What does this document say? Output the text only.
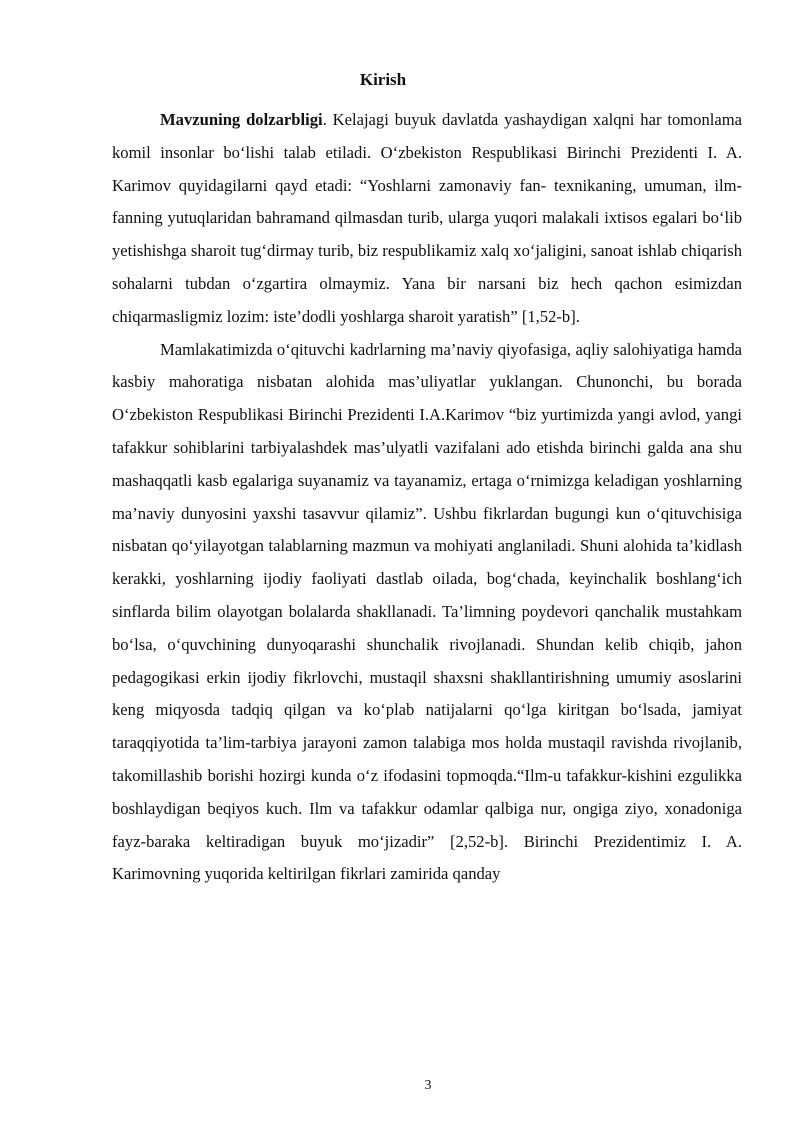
Kirish

Mavzuning dolzarbligi. Kelajagi buyuk davlatda yashaydigan xalqni har tomonlama komil insonlar boʻlishi talab etiladi. Oʻzbekiston Respublikasi Birinchi Prezidenti I. A. Karimov quyidagilarni qayd etadi: “Yoshlarni zamonaviy fan- texnikaning, umuman, ilm-fanning yutuqlaridan bahramand qilmasdan turib, ularga yuqori malakali ixtisos egalari boʻlib yetishishga sharoit tugʻdirmay turib, biz respublikamiz xalq xoʻjaligini, sanoat ishlab chiqarish sohalarni tubdan oʻzgartira olmaymiz. Yana bir narsani biz hech qachon esimizdan chiqarmasligmiz lozim: iste’dodli yoshlarga sharoit yaratish” [1,52-b].

Mamlakatimizda oʻqituvchi kadrlarning ma’naviy qiyofasiga, aqliy salohiyatiga hamda kasbiy mahoratiga nisbatan alohida mas’uliyatlar yuklangan. Chunonchi, bu borada Oʻzbekiston Respublikasi Birinchi Prezidenti I.A.Karimov “biz yurtimizda yangi avlod, yangi tafakkur sohiblarini tarbiyalashdek mas’ulyatli vazifalani ado etishda birinchi galda ana shu mashaqqatli kasb egalariga suyanamiz va tayanamiz, ertaga oʻrnimizga keladigan yoshlarning ma’naviy dunyosini yaxshi tasavvur qilamiz”. Ushbu fikrlardan bugungi kun oʻqituvchisiga nisbatan qoʻyilayotgan talablarning mazmun va mohiyati anglaniladi. Shuni alohida ta’kidlash kerakki, yoshlarning ijodiy faoliyati dastlab oilada, bogʻchada, keyinchalik boshlangʻich sinflarda bilim olayotgan bolalarda shakllanadi. Ta’limning poydevori qanchalik mustahkam boʻlsa, oʻquvchining dunyoqarashi shunchalik rivojlanadi. Shundan kelib chiqib, jahon pedagogikasi erkin ijodiy fikrlovchi, mustaqil shaxsni shakllantirishning umumiy asoslarini keng miqyosda tadqiq qilgan va koʻplab natijalarni qoʻlga kiritgan boʻlsada, jamiyat taraqqiyotida ta’lim-tarbiya jarayoni zamon talabiga mos holda mustaqil ravishda rivojlanib, takomillashib borishi hozirgi kunda oʻz ifodasini topmoqda.“Ilm-u tafakkur-kishini ezgulikka boshlaydigan beqiyos kuch. Ilm va tafakkur odamlar qalbiga nur, ongiga ziyo, xonadoniga fayz-baraka keltiradigan buyuk moʻjizadir” [2,52-b]. Birinchi Prezidentimiz I. A. Karimovning yuqorida keltirilgan fikrlari zamirida qanday

3
